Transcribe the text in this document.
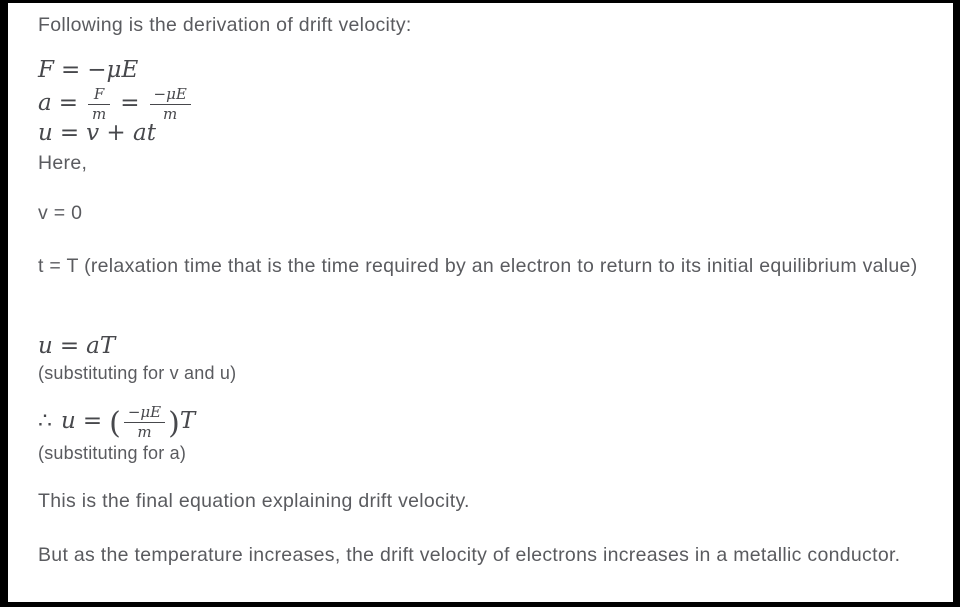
Following is the derivation of drift velocity:

F = −μE
$a = \frac{F}{m} = \frac{-\mu E}{m}$
u = v + at

Here,

v = 0

t = T (relaxation time that is the time required by an electron to return to its initial equilibrium value)

u = aT

(substituting for v and u)

∴ u = ( $\frac{-\mu E}{m} )T$

(substituting for a)

This is the final equation explaining drift velocity.

But as the temperature increases, the drift velocity of electrons increases in a metallic conductor.
